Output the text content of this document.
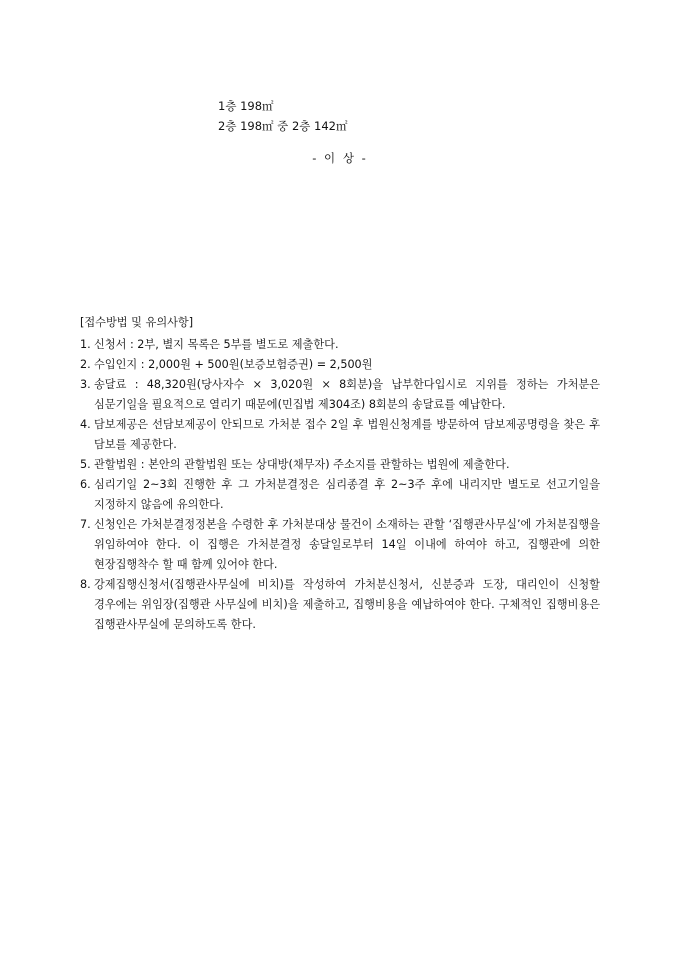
1층 198㎡
2층 198㎡ 중 2층 142㎡
- 이 상 -
[접수방법 및 유의사항]
1. 신청서 : 2부, 별지 목록은 5부를 별도로 제출한다.
2. 수입인지 : 2,000원 + 500원(보증보험증권) = 2,500원
3. 송달료 : 48,320원(당사자수 × 3,020원 × 8회분)을 납부한다입시로 지위를 정하는 가처분은 심문기일을 필요적으로 열리기 때문에(민집법 제304조) 8회분의 송달료를 예납한다.
4. 담보제공은 선담보제공이 안되므로 가처분 접수 2일 후 법원신청계를 방문하여 담보제공명령을 찾은 후 담보를 제공한다.
5. 관할법원 : 본안의 관할법원 또는 상대방(채무자) 주소지를 관할하는 법원에 제출한다.
6. 심리기일 2~3회 진행한 후 그 가처분결정은 심리종결 후 2~3주 후에 내리지만 별도로 선고기일을 지정하지 않음에 유의한다.
7. 신청인은 가처분결정정본을 수령한 후 가처분대상 물건이 소재하는 관할 ‘집행관사무실’에 가처분집행을 위임하여야 한다. 이 집행은 가처분결정 송달일로부터 14일 이내에 하여야 하고, 집행관에 의한 현장집행착수 할 때 함께 있어야 한다.
8. 강제집행신청서(집행관사무실에 비치)를 작성하여 가처분신청서, 신분증과 도장, 대리인이 신청할 경우에는 위임장(집행관 사무실에 비치)을 제출하고, 집행비용을 예납하여야 한다. 구체적인 집행비용은 집행관사무실에 문의하도록 한다.
